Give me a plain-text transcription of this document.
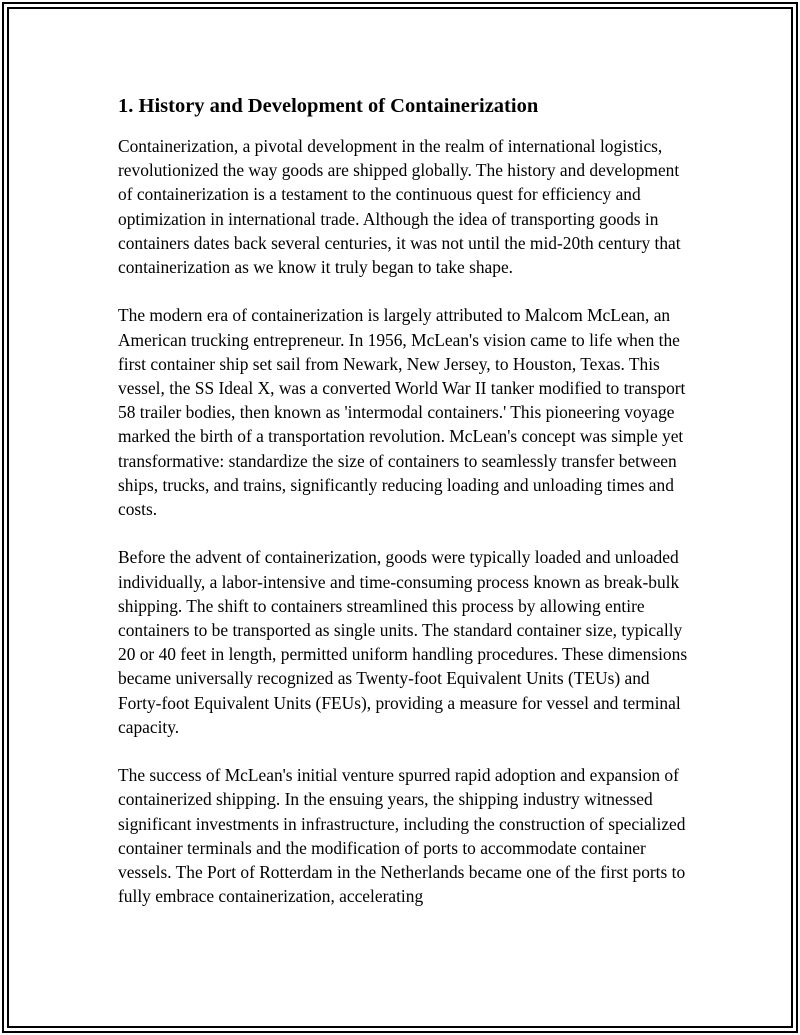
1. History and Development of Containerization

Containerization, a pivotal development in the realm of international logistics, revolutionized the way goods are shipped globally. The history and development of containerization is a testament to the continuous quest for efficiency and optimization in international trade. Although the idea of transporting goods in containers dates back several centuries, it was not until the mid-20th century that containerization as we know it truly began to take shape.

The modern era of containerization is largely attributed to Malcom McLean, an American trucking entrepreneur. In 1956, McLean's vision came to life when the first container ship set sail from Newark, New Jersey, to Houston, Texas. This vessel, the SS Ideal X, was a converted World War II tanker modified to transport 58 trailer bodies, then known as 'intermodal containers.' This pioneering voyage marked the birth of a transportation revolution. McLean's concept was simple yet transformative: standardize the size of containers to seamlessly transfer between ships, trucks, and trains, significantly reducing loading and unloading times and costs.

Before the advent of containerization, goods were typically loaded and unloaded individually, a labor-intensive and time-consuming process known as break-bulk shipping. The shift to containers streamlined this process by allowing entire containers to be transported as single units. The standard container size, typically 20 or 40 feet in length, permitted uniform handling procedures. These dimensions became universally recognized as Twenty-foot Equivalent Units (TEUs) and Forty-foot Equivalent Units (FEUs), providing a measure for vessel and terminal capacity.

The success of McLean's initial venture spurred rapid adoption and expansion of containerized shipping. In the ensuing years, the shipping industry witnessed significant investments in infrastructure, including the construction of specialized container terminals and the modification of ports to accommodate container vessels. The Port of Rotterdam in the Netherlands became one of the first ports to fully embrace containerization, accelerating
